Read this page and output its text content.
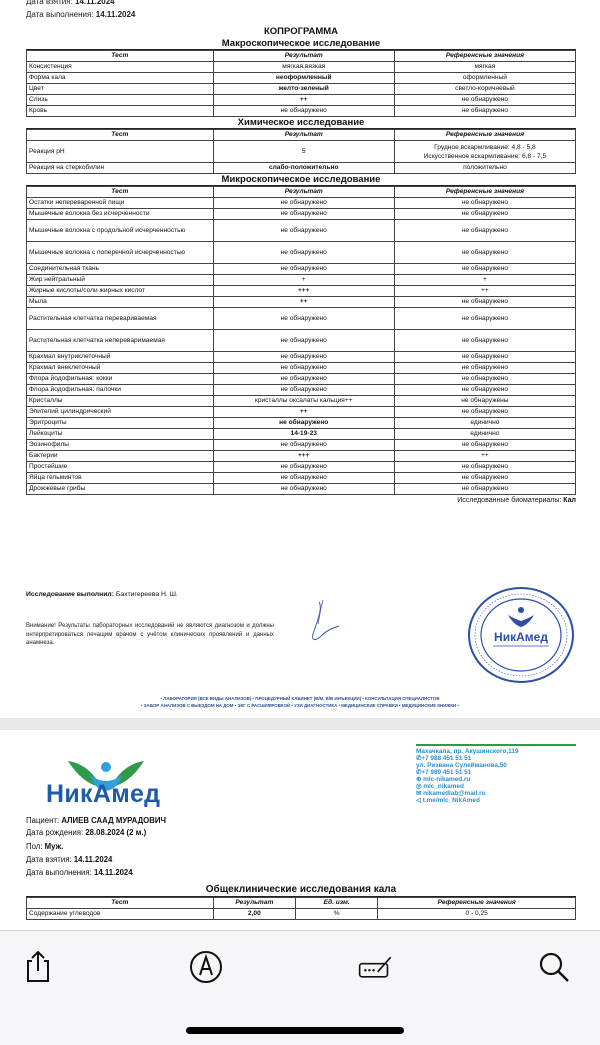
Дата взятия: 14.11.2024
Дата выполнения: 14.11.2024
КОПРОГРАММА
Макроскопическое исследование
Тест	Результат	Референсные значения
Консистенция	мягкая,вязкая	мягкая
Форма кала	неоформленный	оформленный
Цвет	желто-зеленый	светло-коричневый
Слизь	++	не обнаружено
Кровь	не обнаружено	не обнаружено
Химическое исследование
Тест	Результат	Референсные значения
Реакция pH	5	Грудное вскармливание: 4,8 - 5,8
Искусственное вскармливание: 6,8 - 7,5

Реакция на стеркобилин	слабо-положительно	положительно
Микроскопическое исследование
Тест	Результат	Референсные значения
Остатки непереваренной пищи	не обнаружено	не обнаружено
Мышечные волокна без исчерченности	не обнаружено	не обнаружено
Мышечные волокна с продольной исчерченностью	не обнаружено	не обнаружено
Мышечные волокна с поперечной исчерченностью	не обнаружено	не обнаружено
Соединительная ткань	не обнаружено	не обнаружено
Жир нейтральный	+	+
Жирные кислоты/соли жирных кислот	+++	++
Мыла	++	не обнаружено
Растительная клетчатка перевариваемая	не обнаружено	не обнаружено
Растительная клетчатка непереваримаемая	не обнаружено	не обнаружено
Крахмал внутриклеточный	не обнаружено	не обнаружено
Крахмал внеклеточный	не обнаружено	не обнаружено
Флора йодофильная: кокки	не обнаружено	не обнаружено
Флора йодофильная: палочки	не обнаружено	не обнаружено
Кристаллы	кристаллы оксалаты кальция++	не обнаружены
Эпителий цилиндрический	++	не обнаружено
Эритроциты	не обнаружено	единично
Лейкоциты	14-19-23	единично
Эозинофилы	не обнаружено	не обнаружено
Бактерии	+++	++
Простейшие	не обнаружено	не обнаружено
Яйца гельминтов	не обнаружено	не обнаружено
Дрожжевые грибы	не обнаружено	не обнаружено
Исследованные биоматериалы: Кал
Исследование выполнил: Бахтигереева Н. Ш.
Внимание! Результаты лабораторных исследований не являются диагнозом и должны интерпретироваться лечащим врачом с учётом клинических проявлений и данных анамнеза.	НикАмед
• ЛАБОРАТОРИЯ (ВСЕ ВИДЫ АНАЛИЗОВ) • ПРОЦЕДУРНЫЙ КАБИНЕТ (В/М, В/В ИНЪЕКЦИИ) • КОНСУЛЬТАЦИЯ СПЕЦИАЛИСТОВ
• ЗАБОР АНАЛИЗОВ С ВЫЕЗДОМ НА ДОМ • ЭКГ С РАСШИФРОВКОЙ • УЗИ ДИАГНОСТИКА • МЕДИЦИНСКИЕ СПРАВКИ • МЕДИЦИНСКИЕ КНИЖКИ •
НикАмед
Махачкала, пр. Акушинского,119
✆+7 988 451 51 51
ул. Ризвана Сулейманова,50
✆+7 989 451 51 51
⊕ mlc-nikamed.ru
◎ mlc_nikamed
✉ nikamedlab@mail.ru
◁ t.me/mlc_NikAmed
Пациент: АЛИЕВ СААД МУРАДОВИЧ
Дата рождения: 28.08.2024 (2 м.)
Пол: Муж.
Дата взятия: 14.11.2024
Дата выполнения: 14.11.2024
Общеклинические исследования кала
Тест	Результат	Ед. изм.	Референсные значения
Содержание углеводов	2,00	%	0 - 0,25
